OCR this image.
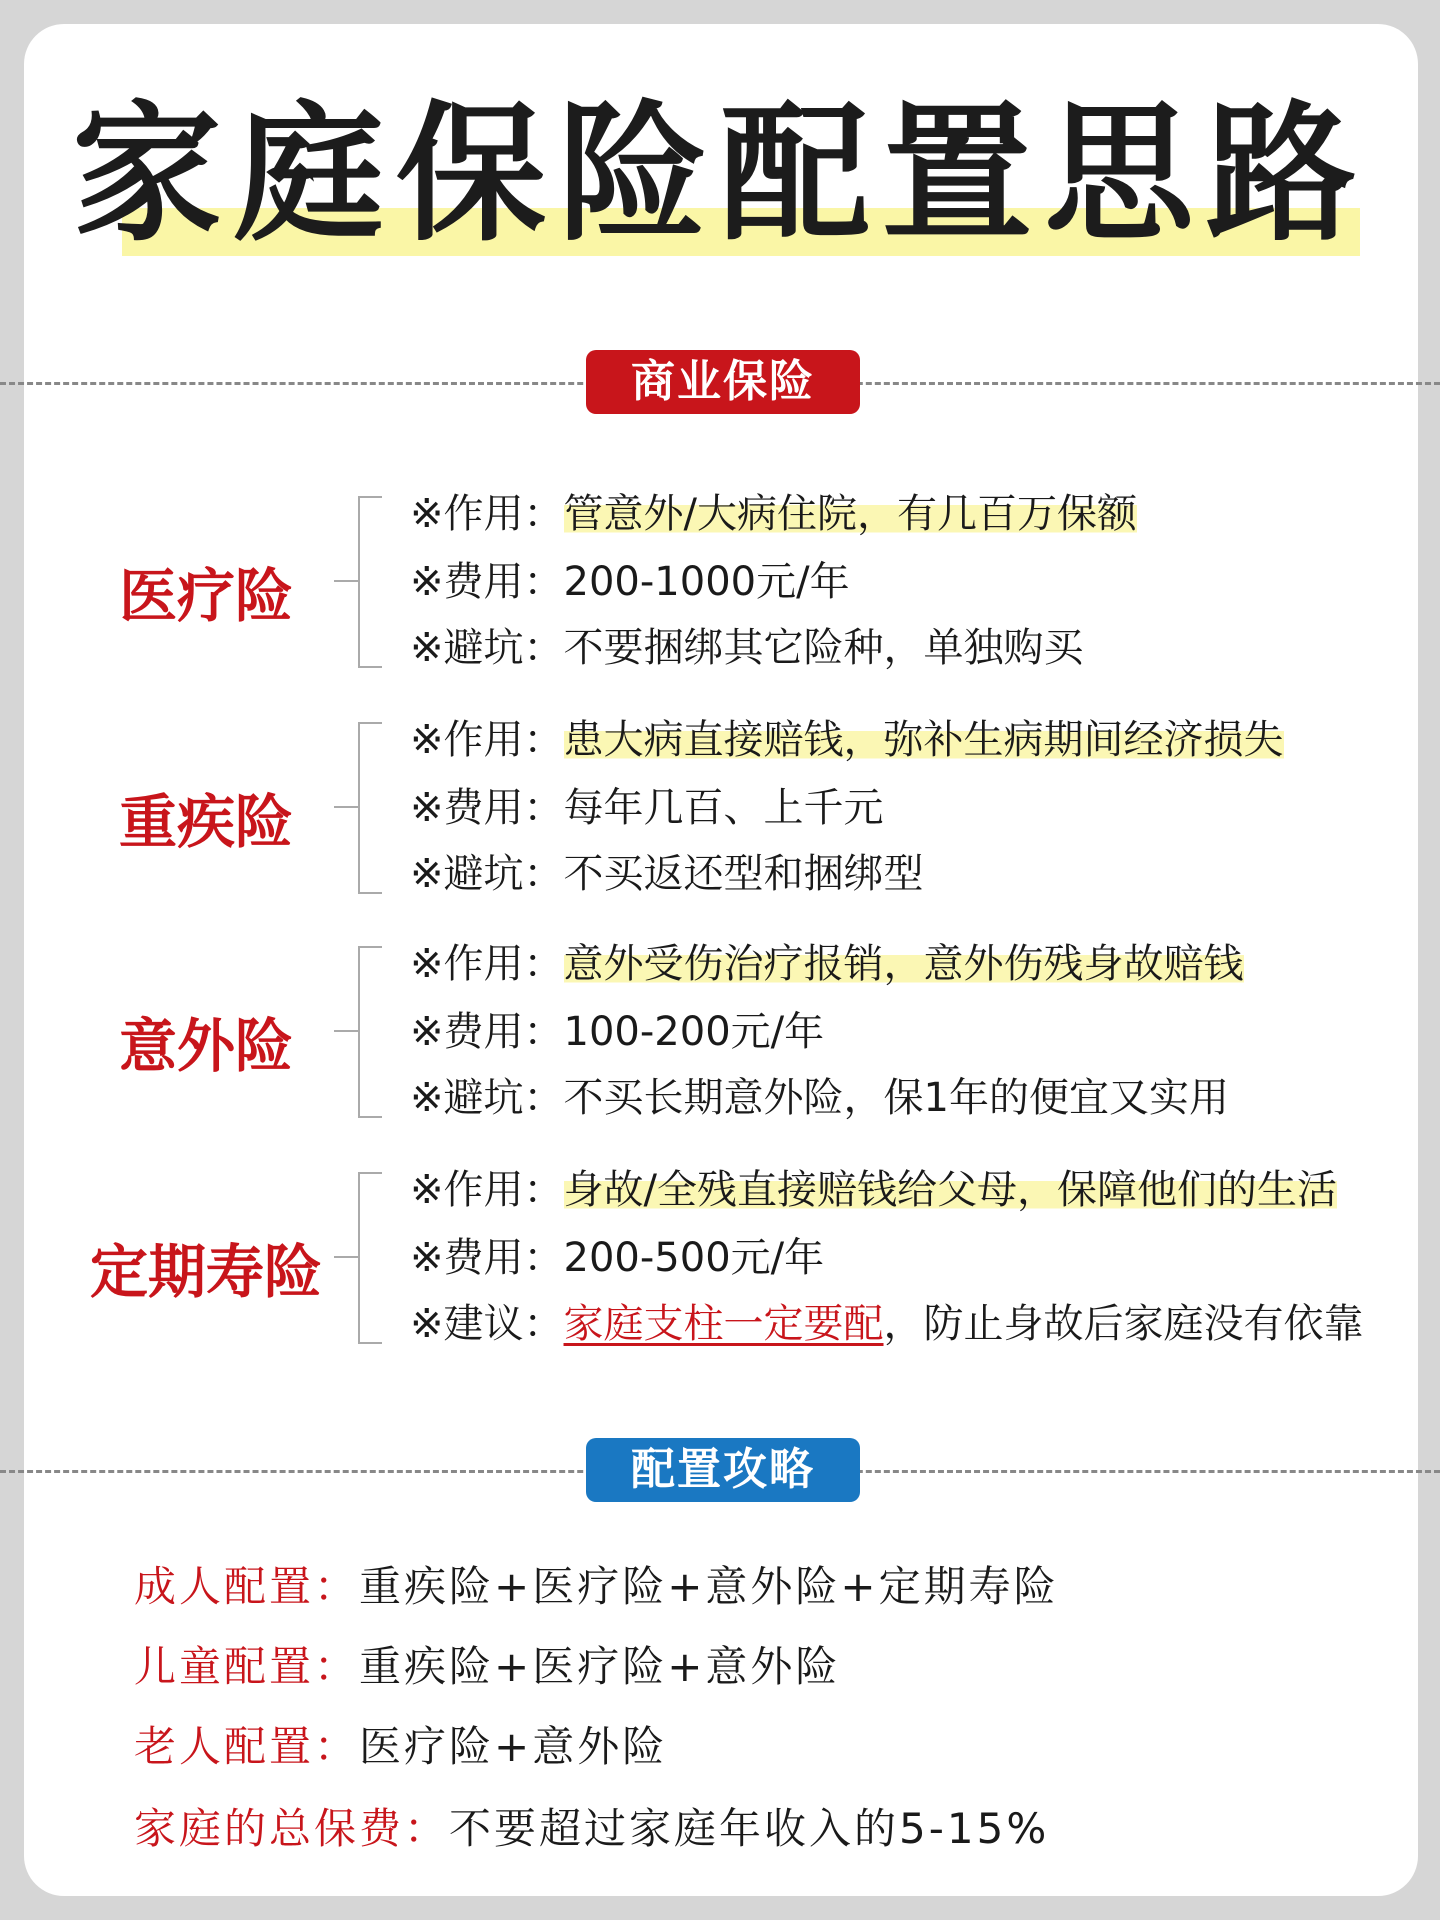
家庭保险配置思路
商业保险
医疗险
※作用：管意外/大病住院，有几百万保额
※费用：200-1000元/年
※避坑：不要捆绑其它险种，单独购买
重疾险
※作用：患大病直接赔钱，弥补生病期间经济损失
※费用：每年几百、上千元
※避坑：不买返还型和捆绑型
意外险
※作用：意外受伤治疗报销，意外伤残身故赔钱
※费用：100-200元/年
※避坑：不买长期意外险，保1年的便宜又实用
定期寿险
※作用：身故/全残直接赔钱给父母，保障他们的生活
※费用：200-500元/年
※建议：家庭支柱一定要配，防止身故后家庭没有依靠
配置攻略
成人配置：重疾险+医疗险+意外险+定期寿险
儿童配置：重疾险+医疗险+意外险
老人配置：医疗险+意外险
家庭的总保费：不要超过家庭年收入的5-15%
